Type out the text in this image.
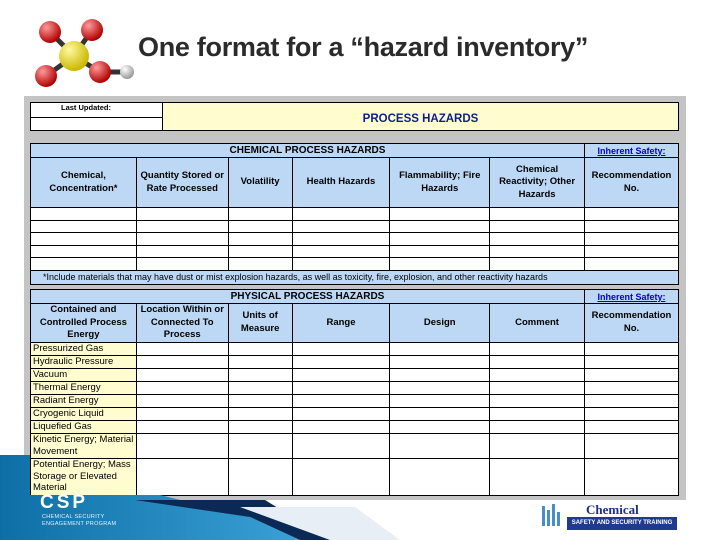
One format for a “hazard inventory”
Last Updated:	PROCESS HAZARDS

CHEMICAL PROCESS HAZARDS						Inherent Safety:
Chemical, Concentration*	Quantity Stored or Rate Processed	Volatility	Health Hazards	Flammability; Fire Hazards	Chemical Reactivity; Other Hazards	Recommendation No.

*Include materials that may have dust or mist explosion hazards, as well as toxicity, fire, explosion, and other reactivity hazards						
PHYSICAL PROCESS HAZARDS						Inherent Safety:
Contained and Controlled Process Energy	Location Within or Connected To Process	Units of Measure	Range	Design	Comment	Recommendation No.
Pressurized Gas						
Hydraulic Pressure						
Vacuum						
Thermal Energy						
Radiant Energy						
Cryogenic Liquid						
Liquefied Gas						
Kinetic Energy; Material Movement						
Potential Energy; Mass Storage or Elevated Material						
CSP
CHEMICAL SECURITY ENGAGEMENT PROGRAM
Chemical
SAFETY AND SECURITY TRAINING
